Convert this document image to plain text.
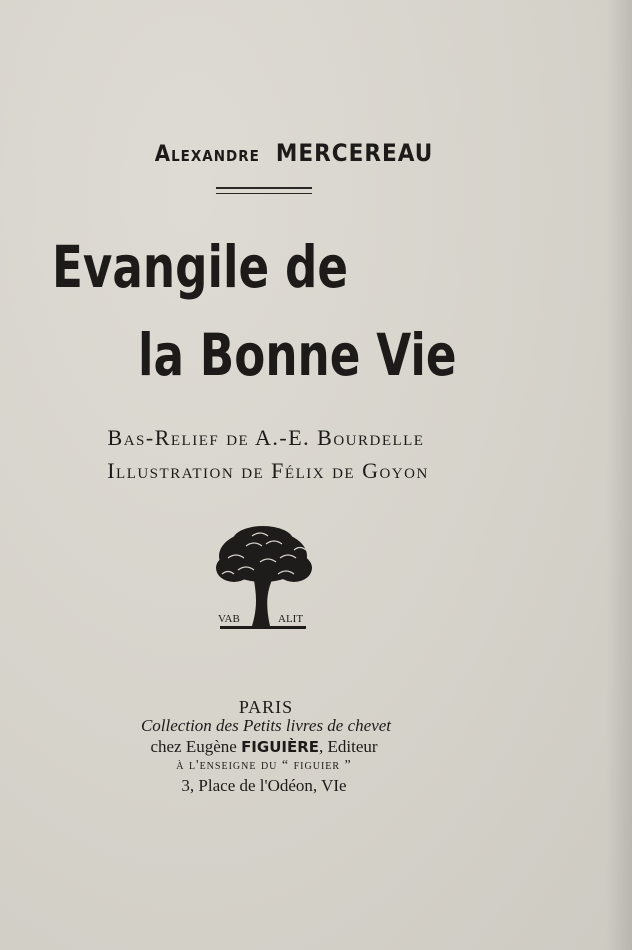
Alexandre MERCEREAU
Evangile de
la Bonne Vie
Bas-Relief de A.-E. Bourdelle
Illustration de Félix de Goyon
VAB	ALIT
PARIS
Collection des Petits livres de chevet
chez Eugène FIGUIÈRE, Editeur
à l'enseigne du “ figuier ”
3, Place de l'Odéon, VIe
